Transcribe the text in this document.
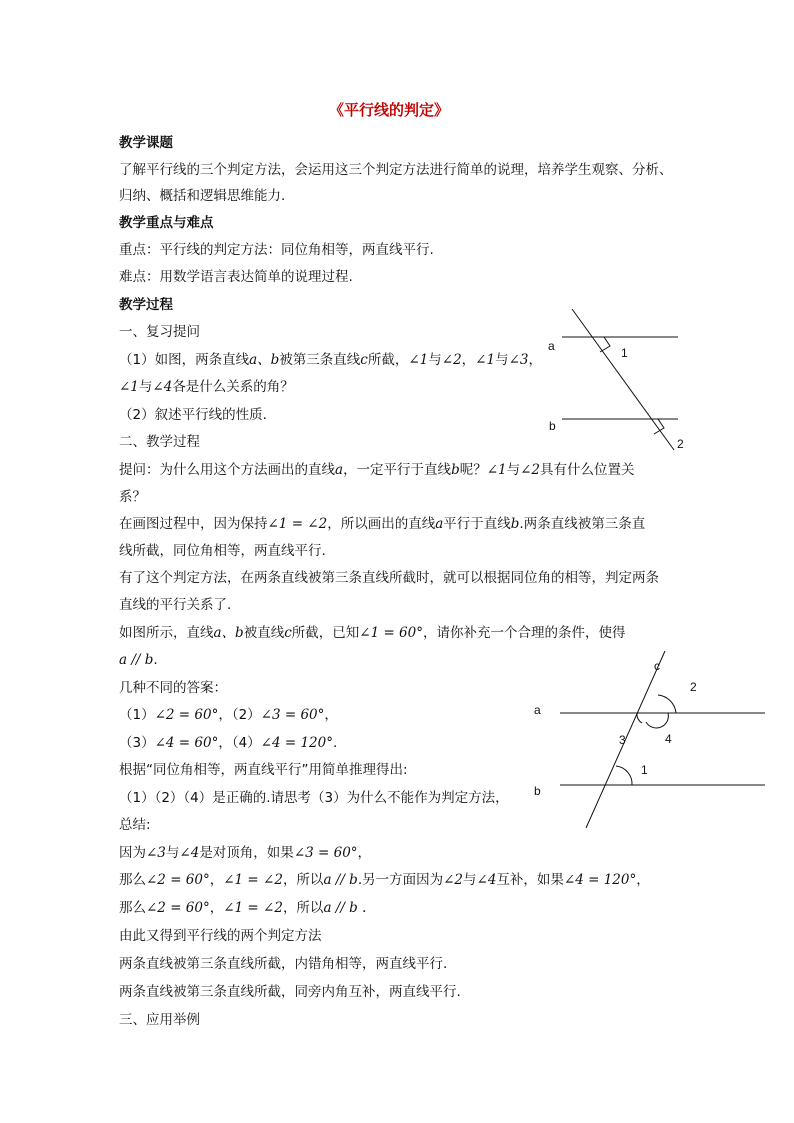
《平行线的判定》
教学课题
了解平行线的三个判定方法，会运用这三个判定方法进行简单的说理，培养学生观察、分析、
归纳、概括和逻辑思维能力.
教学重点与难点
重点：平行线的判定方法：同位角相等，两直线平行.
难点：用数学语言表达简单的说理过程.
教学过程
一、复习提问
（1）如图，两条直线a、b被第三条直线c所截，∠1与∠2，∠1与∠3，
∠1与∠4各是什么关系的角？
（2）叙述平行线的性质.
二、教学过程
提问：为什么用这个方法画出的直线a，一定平行于直线b呢？∠1与∠2具有什么位置关
系？
在画图过程中，因为保持∠1 = ∠2，所以画出的直线a平行于直线b.两条直线被第三条直
线所截，同位角相等，两直线平行.
有了这个判定方法，在两条直线被第三条直线所截时，就可以根据同位角的相等，判定两条
直线的平行关系了.
如图所示，直线a、b被直线c所截，已知∠1 = 60°，请你补充一个合理的条件，使得
a // b.
几种不同的答案：
（1）∠2 = 60°，（2）∠3 = 60°，
（3）∠4 = 60°，（4）∠4 = 120°.
根据“同位角相等，两直线平行”用简单推理得出:
（1）（2）（4）是正确的.请思考（3）为什么不能作为判定方法，
总结:
因为∠3与∠4是对顶角，如果∠3 = 60°，
那么∠2 = 60°，∠1 = ∠2，所以a // b.另一方面因为∠2与∠4互补，如果∠4 = 120°，
那么∠2 = 60°，∠1 = ∠2，所以a // b .
由此又得到平行线的两个判定方法
两条直线被第三条直线所截，内错角相等，两直线平行.
两条直线被第三条直线所截，同旁内角互补，两直线平行.
三、应用举例
a
b
1
2
c
2
a
3	4
1
b
